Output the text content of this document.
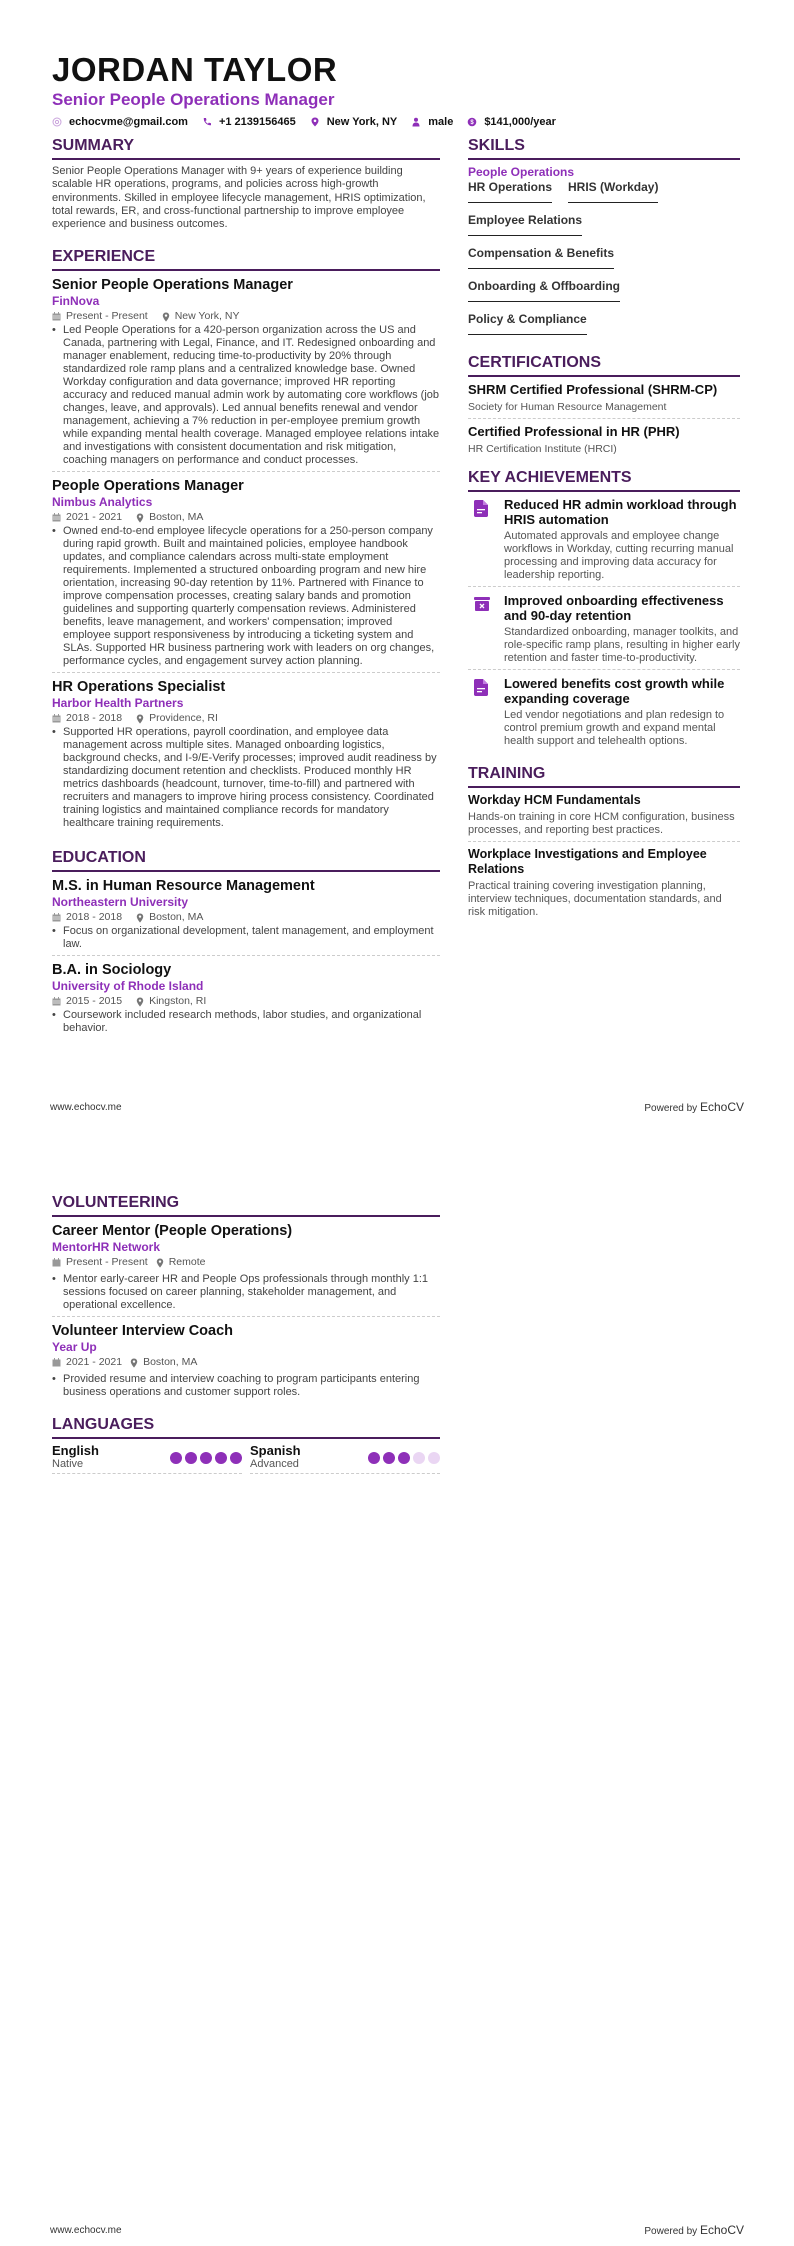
JORDAN TAYLOR
Senior People Operations Manager
echocvme@gmail.com	+1 2139156465	New York, NY	male	$ $141,000/year
SUMMARY

Senior People Operations Manager with 9+ years of experience building scalable HR operations, programs, and policies across high-growth environments. Skilled in employee lifecycle management, HRIS optimization, total rewards, ER, and cross-functional partnership to improve employee experience and business outcomes.

EXPERIENCE
Senior People Operations Manager
FinNova
Present - Present	New York, NY
• Led People Operations for a 420-person organization across the US and Canada, partnering with Legal, Finance, and IT. Redesigned onboarding and manager enablement, reducing time-to-productivity by 20% through standardized role ramp plans and a centralized knowledge base. Owned Workday configuration and data governance; improved HR reporting accuracy and reduced manual admin work by automating core workflows (job changes, leave, and approvals). Led annual benefits renewal and vendor management, achieving a 7% reduction in per-employee premium growth while expanding mental health coverage. Managed employee relations intake and investigations with consistent documentation and risk mitigation, coaching managers on performance and conduct processes.
People Operations Manager
Nimbus Analytics
2021 - 2021	Boston, MA
• Owned end-to-end employee lifecycle operations for a 250-person company during rapid growth. Built and maintained policies, employee handbook updates, and compliance calendars across multi-state employment requirements. Implemented a structured onboarding program and new hire orientation, increasing 90-day retention by 11%. Partnered with Finance to improve compensation processes, creating salary bands and promotion guidelines and supporting quarterly compensation reviews. Administered benefits, leave management, and workers' compensation; improved employee support responsiveness by introducing a ticketing system and SLAs. Supported HR business partnering work with leaders on org changes, performance cycles, and engagement survey action planning.
HR Operations Specialist
Harbor Health Partners
2018 - 2018	Providence, RI
• Supported HR operations, payroll coordination, and employee data management across multiple sites. Managed onboarding logistics, background checks, and I-9/E-Verify processes; improved audit readiness by standardizing document retention and checklists. Produced monthly HR metrics dashboards (headcount, turnover, time-to-fill) and partnered with recruiters and managers to improve hiring process consistency. Coordinated training logistics and maintained compliance records for mandatory healthcare training requirements.
EDUCATION
M.S. in Human Resource Management
Northeastern University
2018 - 2018	Boston, MA
• Focus on organizational development, talent management, and employment law.
B.A. in Sociology
University of Rhode Island
2015 - 2015	Kingston, RI
• Coursework included research methods, labor studies, and organizational behavior.
SKILLS
People Operations
HR Operations HRIS (Workday)
Employee Relations
Compensation & Benefits
Onboarding & Offboarding
Policy & Compliance
CERTIFICATIONS
SHRM Certified Professional (SHRM-CP)
Society for Human Resource Management
Certified Professional in HR (PHR)
HR Certification Institute (HRCI)
KEY ACHIEVEMENTS
Reduced HR admin workload through HRIS automation
Automated approvals and employee change workflows in Workday, cutting recurring manual processing and improving data accuracy for leadership reporting.
Improved onboarding effectiveness and 90-day retention
Standardized onboarding, manager toolkits, and role-specific ramp plans, resulting in higher early retention and faster time-to-productivity.
Lowered benefits cost growth while expanding coverage
Led vendor negotiations and plan redesign to control premium growth and expand mental health support and telehealth options.
TRAINING
Workday HCM Fundamentals
Hands-on training in core HCM configuration, business processes, and reporting best practices.
Workplace Investigations and Employee Relations
Practical training covering investigation planning, interview techniques, documentation standards, and risk mitigation.
www.echocv.me	Powered by EchoCV
VOLUNTEERING
Career Mentor (People Operations)
MentorHR Network
Present - Present Remote
• Mentor early-career HR and People Ops professionals through monthly 1:1 sessions focused on career planning, stakeholder management, and operational excellence.
Volunteer Interview Coach
Year Up
2021 - 2021 Boston, MA
• Provided resume and interview coaching to program participants entering business operations and customer support roles.
LANGUAGES
English
Native
Spanish
Advanced
www.echocv.me	Powered by EchoCV
